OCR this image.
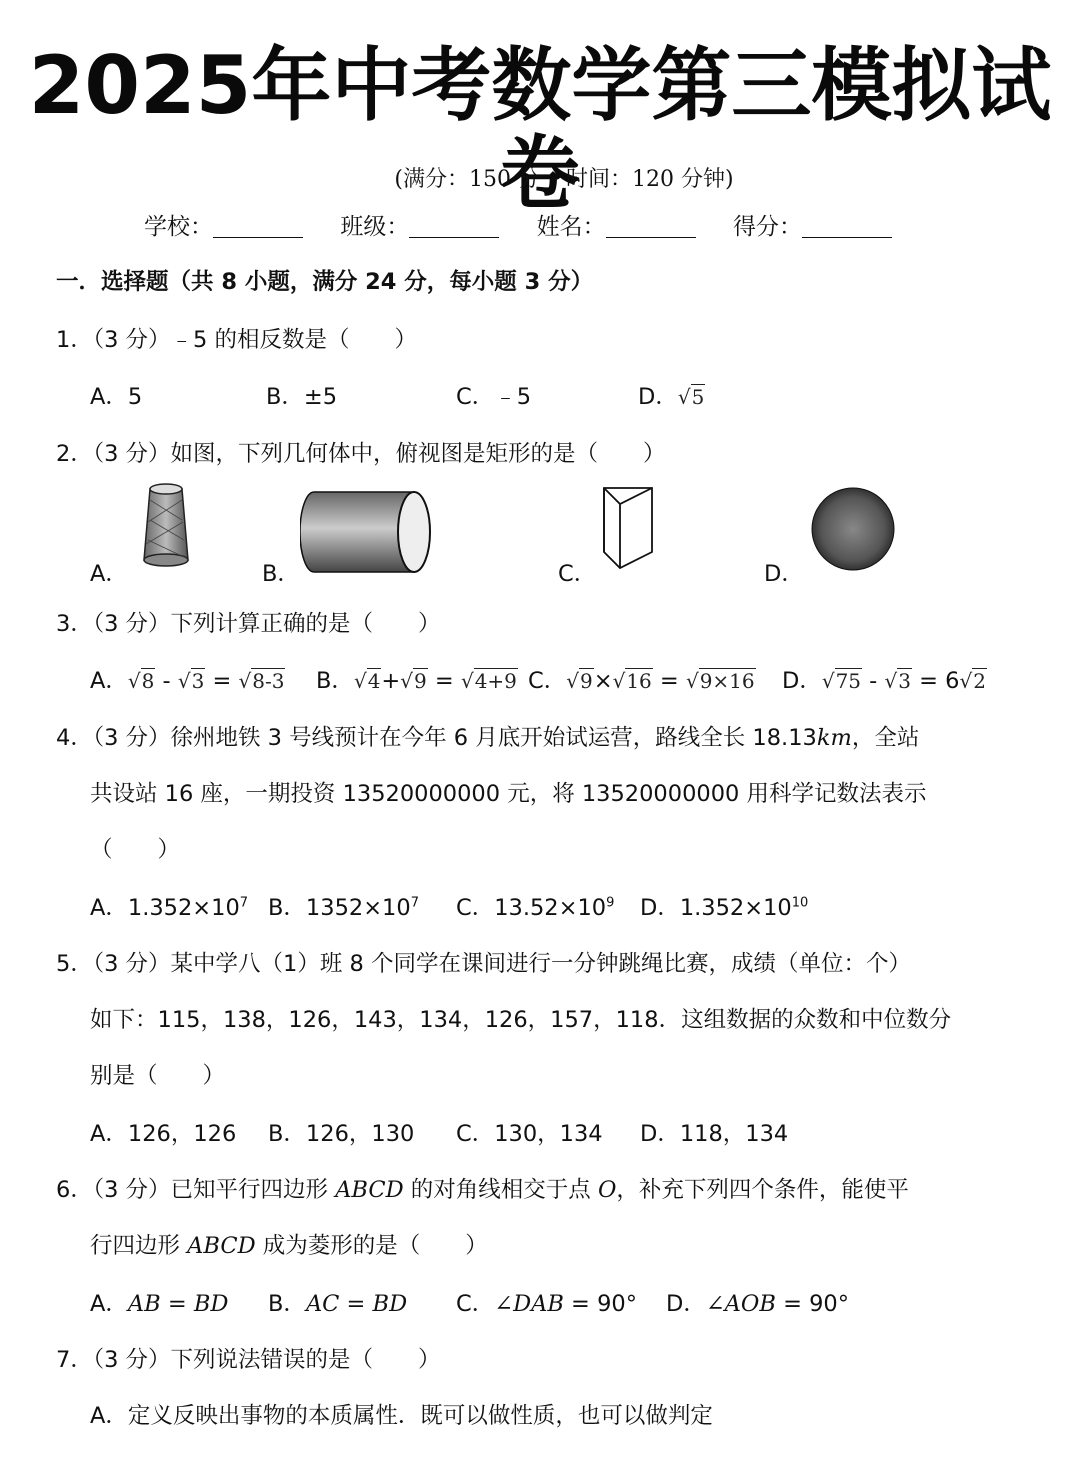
2025年中考数学第三模拟试卷
(满分：150 分 时间：120 分钟)
学校：	班级：	姓名：	得分：
一．选择题（共 8 小题，满分 24 分，每小题 3 分）
1．（3 分）﹣5 的相反数是（　　）
A．5	B．±5	C．﹣5	D．√5
2．（3 分）如图，下列几何体中，俯视图是矩形的是（　　）
A．	B．	C．	D．
3．（3 分）下列计算正确的是（　　）
A．√8 - √3 = √8-3 B．√4+√9 = √4+9 C．√9×√16 = √9×16 D．√75 - √3 = 6√2
4．（3 分）徐州地铁 3 号线预计在今年 6 月底开始试运营，路线全长 18.13km，全站
共设站 16 座，一期投资 13520000000 元，将 13520000000 用科学记数法表示
（　　）
A．$1.352\times 10^7$ B．$1352\times 10^7$ C．$13.52\times 10^9$ D．$1.352\times 10^{10}$
5．（3 分）某中学八（1）班 8 个同学在课间进行一分钟跳绳比赛，成绩（单位：个）
如下：115，138，126，143，134，126，157，118．这组数据的众数和中位数分
别是（　　）
A．126，126 B．126，130 C．130，134 D．118，134
6．（3 分）已知平行四边形 ABCD 的对角线相交于点 O，补充下列四个条件，能使平
行四边形 ABCD 成为菱形的是（　　）
A．AB = BD B．AC = BD C．∠DAB = 90° D．∠AOB = 90°
7．（3 分）下列说法错误的是（　　）
A．定义反映出事物的本质属性．既可以做性质，也可以做判定
